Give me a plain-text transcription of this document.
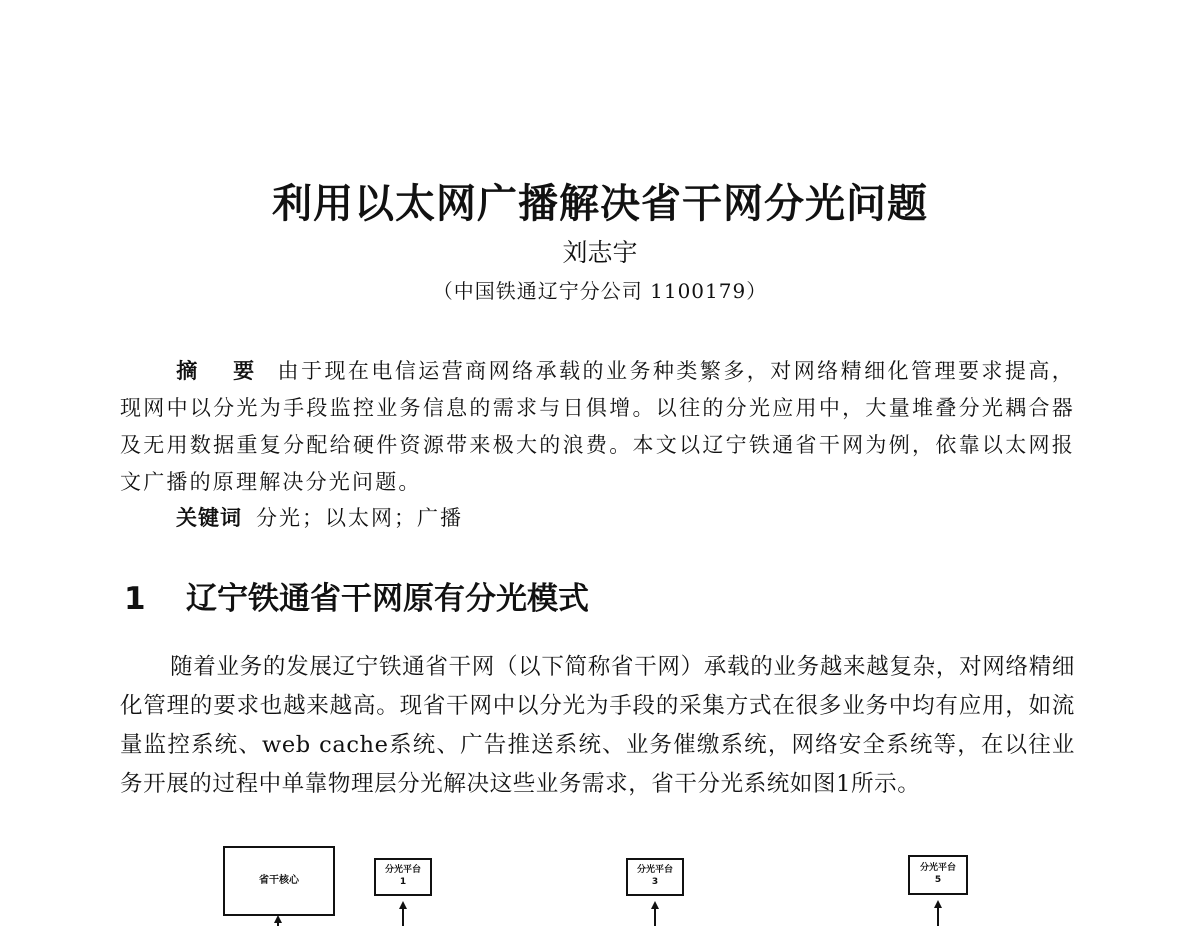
利用以太网广播解决省干网分光问题
刘志宇
（中国铁通辽宁分公司 1100179）
摘 要 由于现在电信运营商网络承载的业务种类繁多，对网络精细化管理要求提高，现网中以分光为手段监控业务信息的需求与日俱增。以往的分光应用中，大量堆叠分光耦合器及无用数据重复分配给硬件资源带来极大的浪费。本文以辽宁铁通省干网为例，依靠以太网报文广播的原理解决分光问题。
关键词 分光；以太网；广播
1 辽宁铁通省干网原有分光模式
随着业务的发展辽宁铁通省干网（以下简称省干网）承载的业务越来越复杂，对网络精细化管理的要求也越来越高。现省干网中以分光为手段的采集方式在很多业务中均有应用，如流量监控系统、web cache系统、广告推送系统、业务催缴系统，网络安全系统等，在以往业务开展的过程中单靠物理层分光解决这些业务需求，省干分光系统如图1所示。
省干核心
分光平台
1
分光平台
3
分光平台
5
